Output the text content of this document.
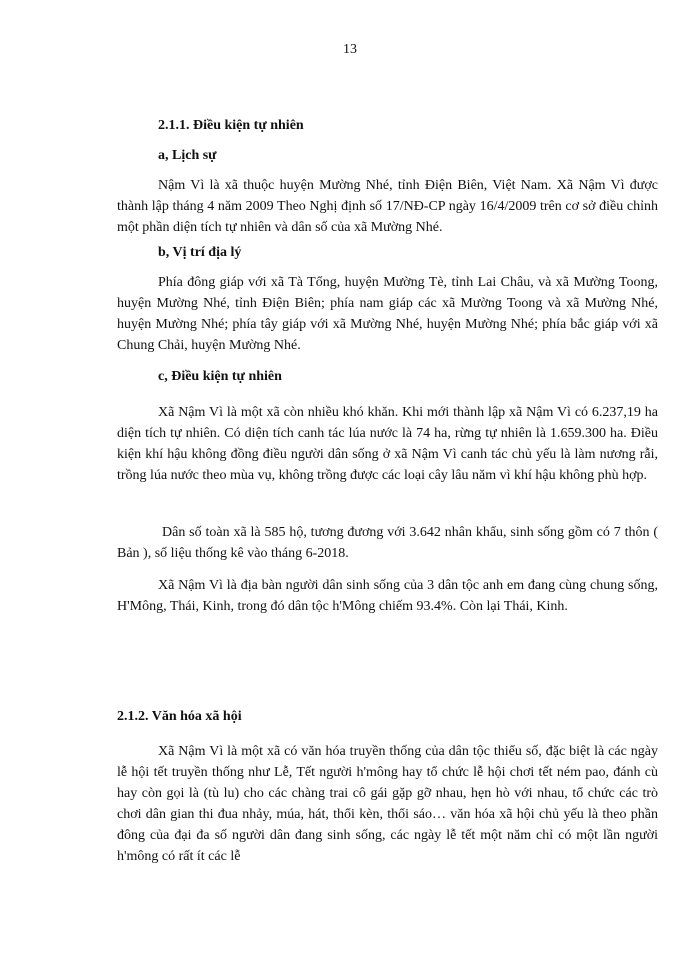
13
2.1.1. Điều kiện tự nhiên
a, Lịch sự

Nậm Vì là xã thuộc huyện Mường Nhé, tỉnh Điện Biên, Việt Nam. Xã Nậm Vì được thành lập tháng 4 năm 2009 Theo Nghị định số 17/NĐ-CP ngày 16/4/2009 trên cơ sở điều chỉnh một phần diện tích tự nhiên và dân số của xã Mường Nhé.

b, Vị trí địa lý

Phía đông giáp với xã Tà Tổng, huyện Mường Tè, tỉnh Lai Châu, và xã Mường Toong, huyện Mường Nhé, tỉnh Điện Biên; phía nam giáp các xã Mường Toong và xã Mường Nhé, huyện Mường Nhé; phía tây giáp với xã Mường Nhé, huyện Mường Nhé; phía bắc giáp với xã Chung Chải, huyện Mường Nhé.

c, Điều kiện tự nhiên

Xã Nậm Vì là một xã còn nhiều khó khăn. Khi mới thành lập xã Nậm Vì có 6.237,19 ha diện tích tự nhiên. Có diện tích canh tác lúa nước là 74 ha, rừng tự nhiên là 1.659.300 ha. Điều kiện khí hậu không đồng điều người dân sống ở xã Nậm Vì canh tác chủ yếu là làm nương rẫi, trồng lúa nước theo mùa vụ, không trồng được các loại cây lâu năm vì khí hậu không phù hợp.

Dân số toàn xã là 585 hộ, tương đương với 3.642 nhân khẩu, sinh sống gồm có 7 thôn ( Bản ), số liệu thống kê vào tháng 6-2018.

Xã Nậm Vì là địa bàn người dân sinh sống của 3 dân tộc anh em đang cùng chung sống, H'Mông, Thái, Kinh, trong đó dân tộc h'Mông chiếm 93.4%. Còn lại Thái, Kinh.

2.1.2. Văn hóa xã hội

Xã Nậm Vì là một xã có văn hóa truyền thống của dân tộc thiểu số, đặc biệt là các ngày lễ hội tết truyền thống như Lễ, Tết người h'mông hay tổ chức lễ hội chơi tết ném pao, đánh cù hay còn gọi là (tù lu) cho các chàng trai cô gái gặp gỡ nhau, hẹn hò với nhau, tổ chức các trò chơi dân gian thi đua nhảy, múa, hát, thổi kèn, thổi sáo… văn hóa xã hội chủ yếu là theo phần đông của đại đa số người dân đang sinh sống, các ngày lễ tết một năm chỉ có một lần người h'mông có rất ít các lễ
